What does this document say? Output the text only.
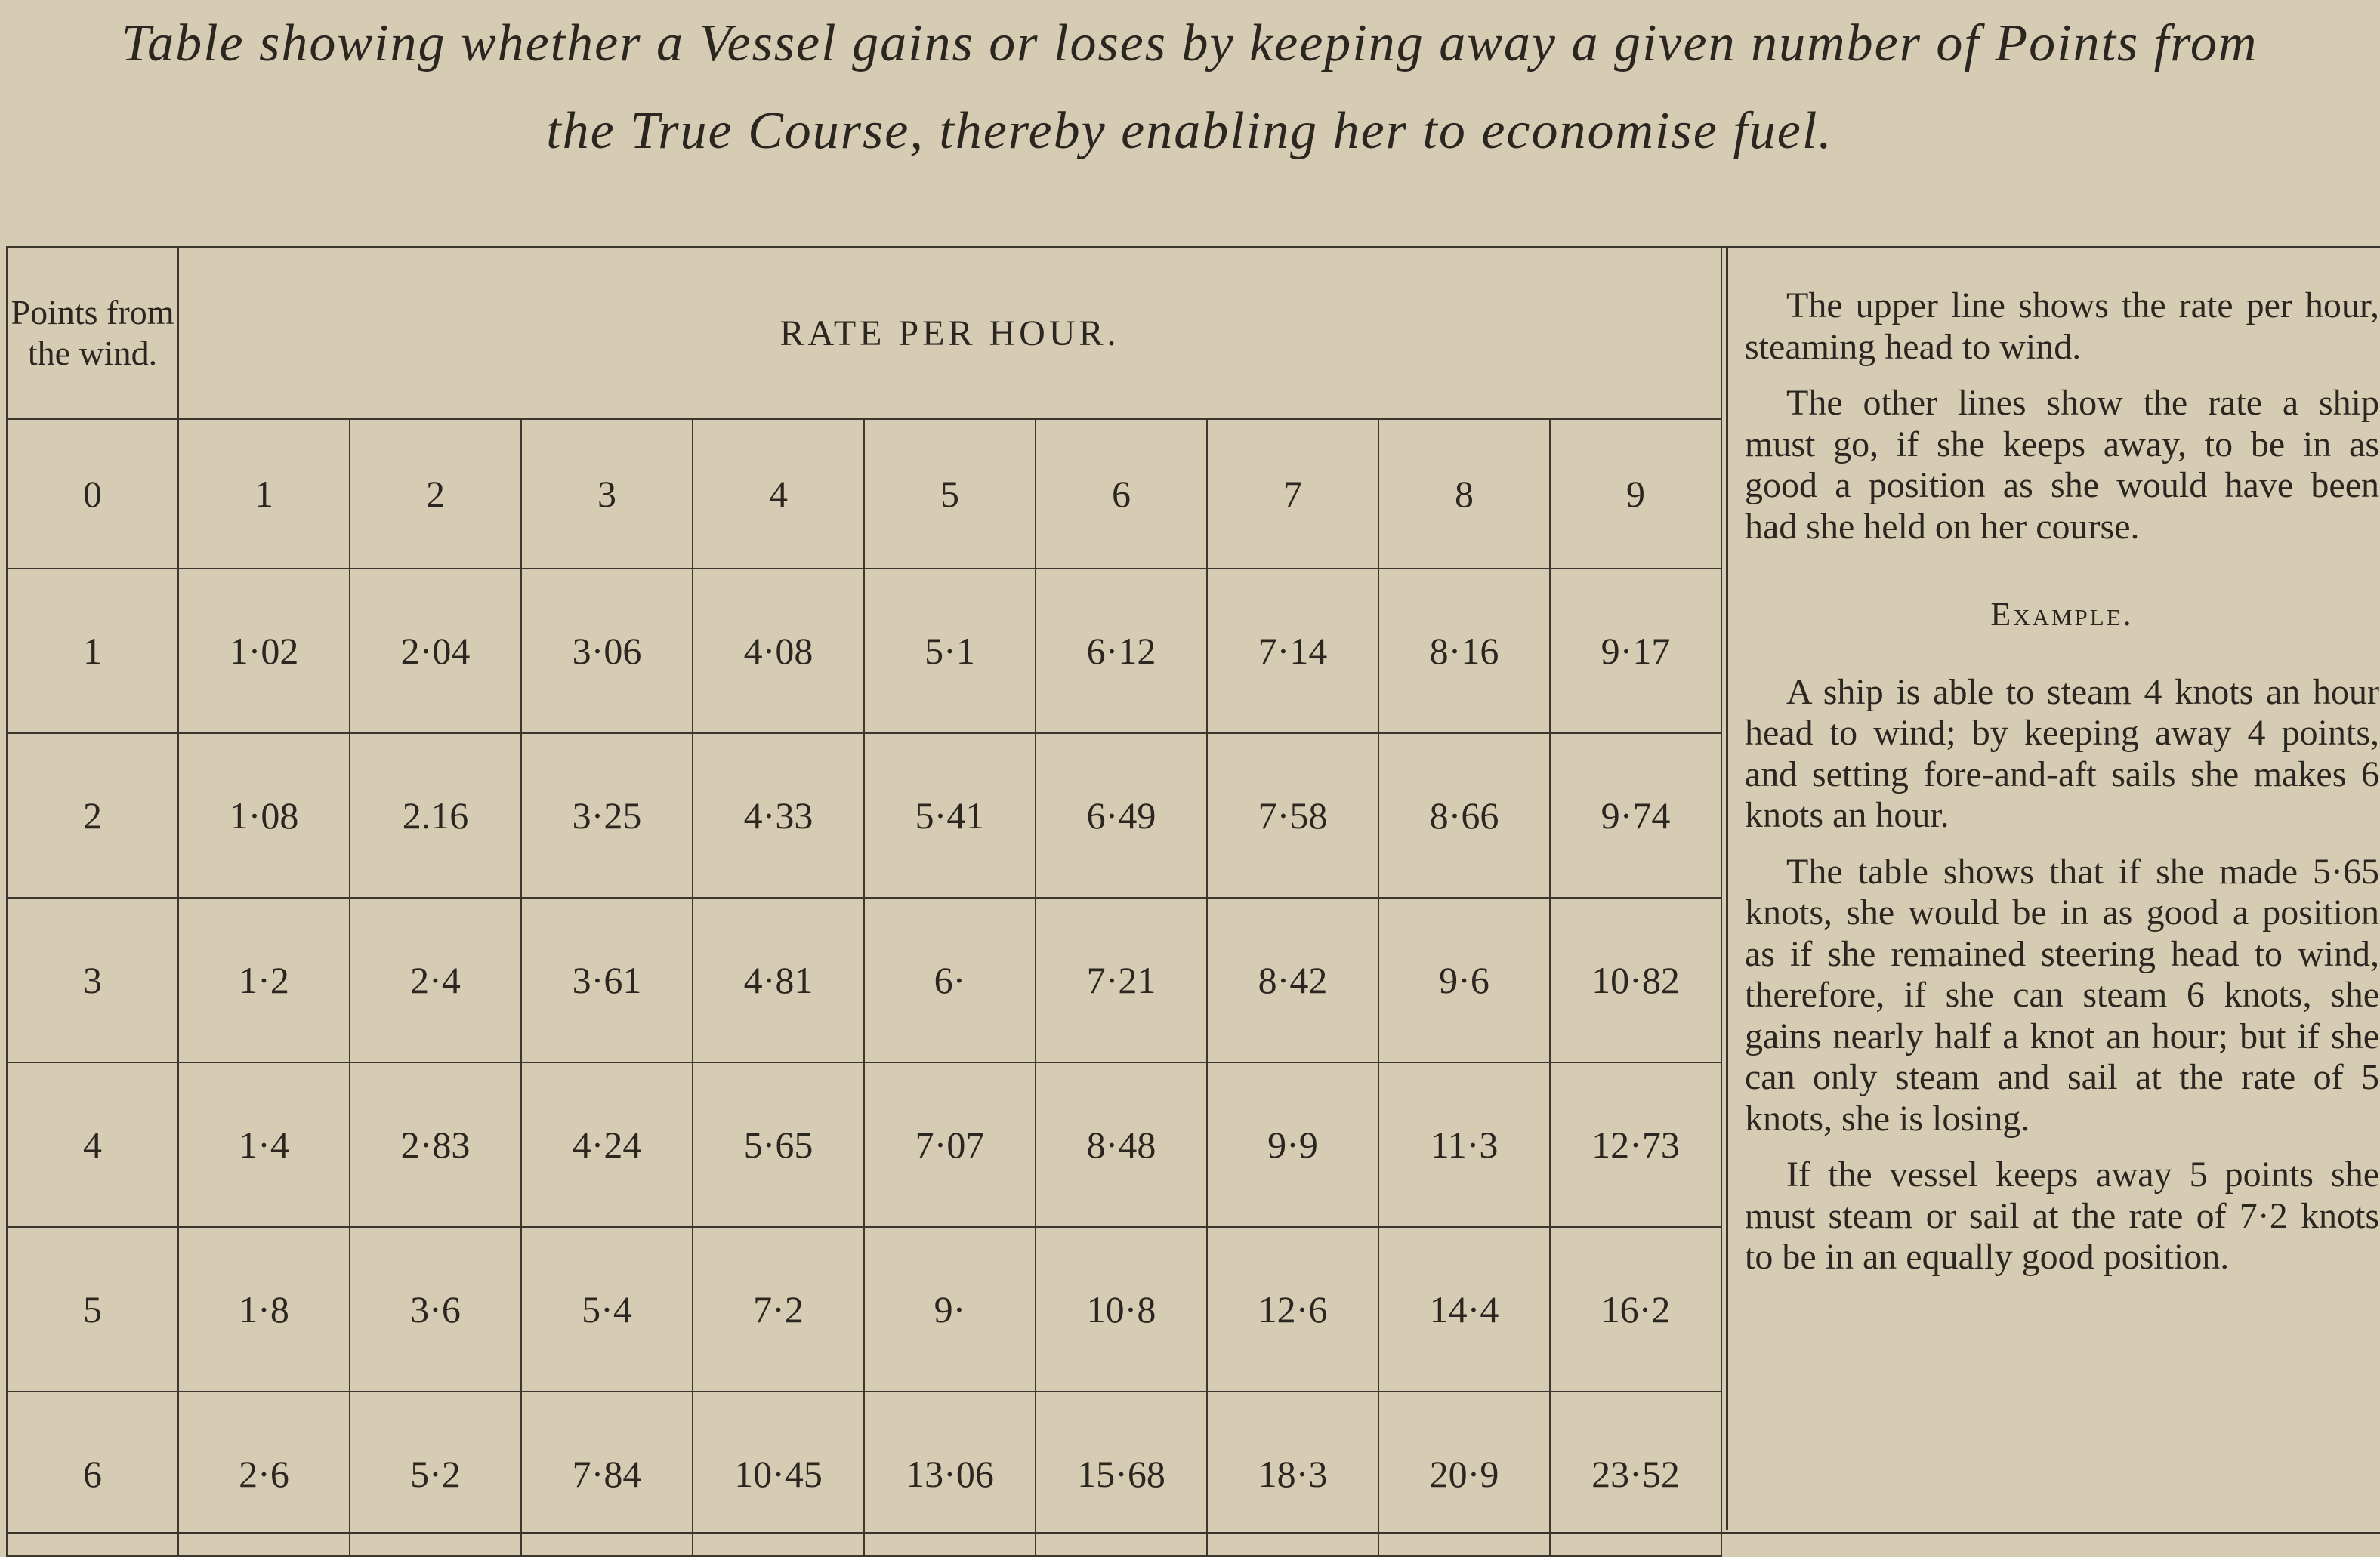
Table showing whether a Vessel gains or loses by keeping away a given number of Points from
the True Course, thereby enabling her to economise fuel.
Points from the wind.	RATE PER HOUR.								
0	1	2	3	4	5	6	7	8	9
1	1·02	2·04	3·06	4·08	5·1	6·12	7·14	8·16	9·17
2	1·08	2.16	3·25	4·33	5·41	6·49	7·58	8·66	9·74
3	1·2	2·4	3·61	4·81	6·	7·21	8·42	9·6	10·82
4	1·4	2·83	4·24	5·65	7·07	8·48	9·9	11·3	12·73
5	1·8	3·6	5·4	7·2	9·	10·8	12·6	14·4	16·2
6	2·6	5·2	7·84	10·45	13·06	15·68	18·3	20·9	23·52

The upper line shows the rate per hour, steaming head to wind.

The other lines show the rate a ship must go, if she keeps away, to be in as good a position as she would have been had she held on her course.

Example.

A ship is able to steam 4 knots an hour head to wind; by keeping away 4 points, and setting fore-and-aft sails she makes 6 knots an hour.

The table shows that if she made 5·65 knots, she would be in as good a position as if she remained steering head to wind, therefore, if she can steam 6 knots, she gains nearly half a knot an hour; but if she can only steam and sail at the rate of 5 knots, she is losing.

If the vessel keeps away 5 points she must steam or sail at the rate of 7·2 knots to be in an equally good position.
